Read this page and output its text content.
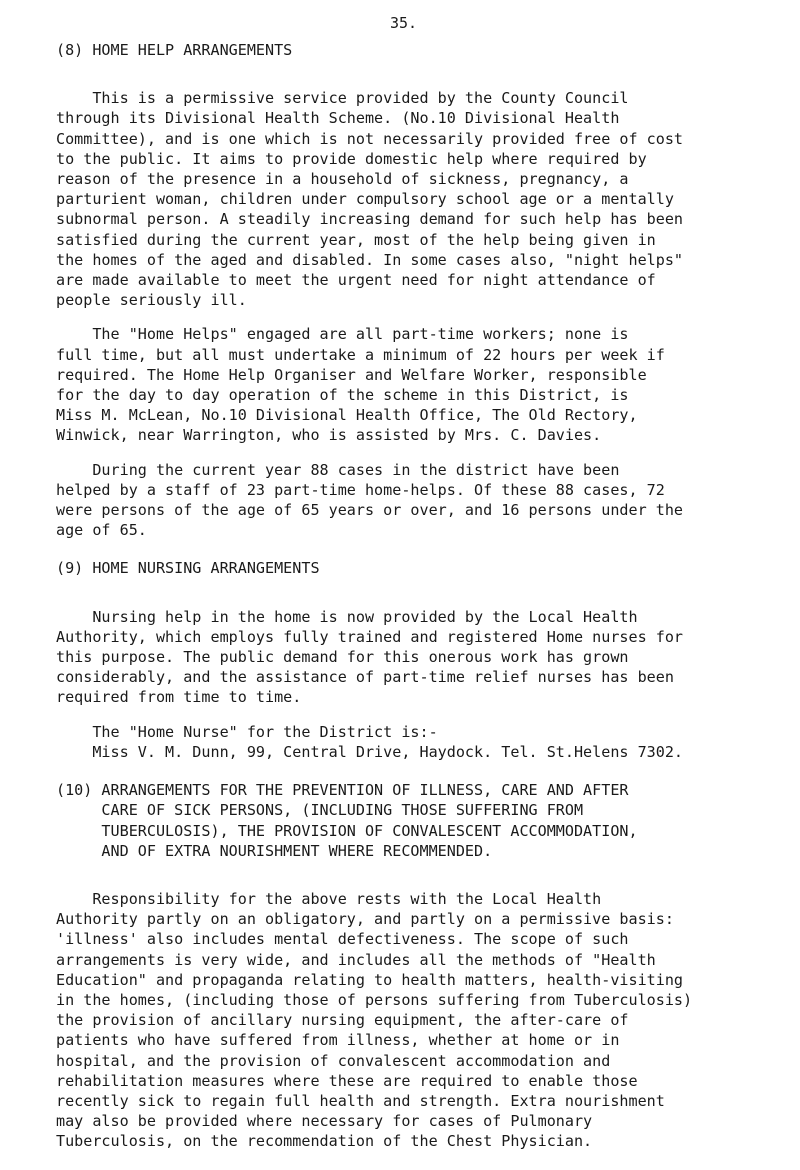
35.
(8) HOME HELP ARRANGEMENTS

This is a permissive service provided by the County Council
through its Divisional Health Scheme. (No.10 Divisional Health
Committee), and is one which is not necessarily provided free of cost
to the public. It aims to provide domestic help where required by
reason of the presence in a household of sickness, pregnancy, a
parturient woman, children under compulsory school age or a mentally
subnormal person. A steadily increasing demand for such help has been
satisfied during the current year, most of the help being given in
the homes of the aged and disabled. In some cases also, "night helps"
are made available to meet the urgent need for night attendance of
people seriously ill.

The "Home Helps" engaged are all part-time workers; none is
full time, but all must undertake a minimum of 22 hours per week if
required. The Home Help Organiser and Welfare Worker, responsible
for the day to day operation of the scheme in this District, is
Miss M. McLean, No.10 Divisional Health Office, The Old Rectory,
Winwick, near Warrington, who is assisted by Mrs. C. Davies.

During the current year 88 cases in the district have been
helped by a staff of 23 part-time home-helps. Of these 88 cases, 72
were persons of the age of 65 years or over, and 16 persons under the
age of 65.

(9) HOME NURSING ARRANGEMENTS

Nursing help in the home is now provided by the Local Health
Authority, which employs fully trained and registered Home nurses for
this purpose. The public demand for this onerous work has grown
considerably, and the assistance of part-time relief nurses has been
required from time to time.

The "Home Nurse" for the District is:-
Miss V. M. Dunn, 99, Central Drive, Haydock. Tel. St.Helens 7302.

(10) ARRANGEMENTS FOR THE PREVENTION OF ILLNESS, CARE AND AFTER
CARE OF SICK PERSONS, (INCLUDING THOSE SUFFERING FROM
TUBERCULOSIS), THE PROVISION OF CONVALESCENT ACCOMMODATION,
AND OF EXTRA NOURISHMENT WHERE RECOMMENDED.

Responsibility for the above rests with the Local Health
Authority partly on an obligatory, and partly on a permissive basis:
'illness' also includes mental defectiveness. The scope of such
arrangements is very wide, and includes all the methods of "Health
Education" and propaganda relating to health matters, health-visiting
in the homes, (including those of persons suffering from Tuberculosis)
the provision of ancillary nursing equipment, the after-care of
patients who have suffered from illness, whether at home or in
hospital, and the provision of convalescent accommodation and
rehabilitation measures where these are required to enable those
recently sick to regain full health and strength. Extra nourishment
may also be provided where necessary for cases of Pulmonary
Tuberculosis, on the recommendation of the Chest Physician.
